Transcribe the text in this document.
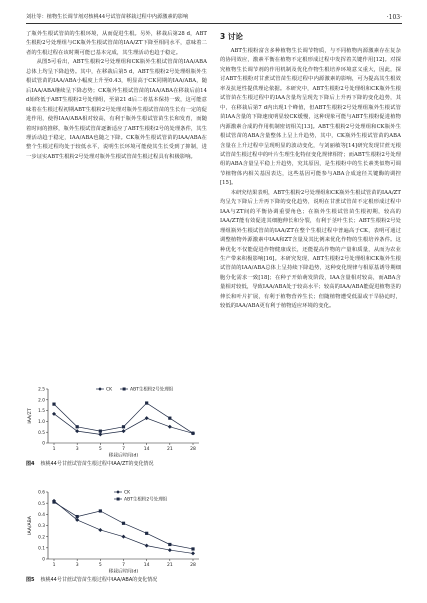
刘壮等：植物生长调节剂对核桃44号试管苗移栽过程中内源激素的影响	·103·

了瓶外生根试管苗的生根环境，从而促进生根。另外，移栽后第28 d，ABT生根粉2号处理组与CK瓶外生根试管苗的IAA/ZT下降至相同水平，意味着二者的生根过程在该时期可能已基本完成，其生理活动也趋于稳定。

从图5可看出，ABT生根粉2号处理组和CK瓶外生根试管苗的IAA/ABA总体上均呈下降趋势。其中，在移栽后第5 d，ABT生根粉2号处理组瓶外生根试管苗的IAA/ABA小幅度上升至0.43，明显高于CK同期的IAA/ABA，随后IAA/ABA继续呈下降态势；CK瓶外生根试管苗的IAA/ABA在移栽后前14 d始终低于ABT生根粉2号处理组，至第21 d后二者基本保持一致，这可能意味着在生根过程初期ABT生根粉2号处理对瓶外生根试管苗的生长有一定的促进作用，使得IAA/ABA相对较高，有利于瓶外生根试管苗生长和发育，而随着时间的推移，瓶外生根试管苗逐渐适应了ABT生根粉2号的处理条件，其生理活动趋于稳定，IAA/ABA也随之下降。CK瓶外生根试管苗的IAA/ABA在整个生根过程均处于较低水平，说明生长环境可能使其生长受到了抑制，进一步证实ABT生根粉2号处理对瓶外生根试管苗生根过程具有积极影响。

3 讨论

ABT生根粉富含多种植物生长调节物质，与不同植物内源激素存在复杂的协同效应，激素平衡在植物不定根形成过程中发挥着关键作用[12]。对探究植物生长调节剂的作用机制及优化作物生根培养环境意义重大，因此，探讨ABT生根粉对甘蔗试管苗生根过程中内源激素的影响，可为提高其生根效率及抗逆性提供理论依据。本研究中，ABT生根粉2号处理组和CK瓶外生根试管苗在生根过程中的IAA含量均呈现先下降后上升再下降的变化趋势，其中，在移栽后第7 d内出现1个峰值，但ABT生根粉2号处理组瓶外生根试管苗IAA含量的下降速度明显较CK缓慢，这种现象可能与ABT生根粉促进植物内源激素合成的作用机制密切相关[13]。ABT生根粉2号处理组和CK瓶外生根试管苗的ABA含量整体上呈上升趋势，其中，CK瓶外生根试管苗的ABA含量在上升过程中呈现明显的波动变化，与刘丽敏等[14]研究发现甘蔗无根试管苗生根过程中的叶片生理生化特征变化规律相符；而ABT生根粉2号处理组的ABA含量呈平稳上升趋势，究其原因，是生根粉中的生长素类似物可调节植物体内相关基因表达，这些基因可能参与ABA合成途径关键酶的调控[15]。

本研究结果表明，ABT生根粉2号处理组和CK瓶外生根试管苗的IAA/ZT均呈先下降后上升再下降的变化趋势，说明在甘蔗试管苗不定根形成过程中IAA与ZT间的平衡协调重要角色；在瓶外生根试管苗生根初期，较高的IAA/ZT能有效促进其细胞伸长和分裂，有利于茎叶生长；ABT生根粉2号处理组瓶外生根试管苗的IAA/ZT在整个生根过程中普遍高于CK，表明可通过调整植物外源激素中IAA和ZT含量及其比例来优化作物的生根培养条件。这种优化不仅能促进作物健康成长，还能提高作物的产量和质量，从而为农业生产带来积极影响[16]。本研究发现，ABT生根粉2号处理组和CK瓶外生根试管苗的IAA/ABA总体上呈持续下降趋势，这种变化规律与相原基诱导期细胞分化需求一致[18]；在种子开始萌发阶段，IAA含量相对较高，而ABA含量相对较低，导致IAA/ABA处于较高水平；较高的IAA/ABA能促进植物茎的伸长和叶片扩展，有利于植物营养生长；但随植物遭受低温或干旱胁迫时，较低的IAA/ABA更有利于植物适应环境的变化。

0
0.5
1.0
1.5
2.0
2.5
1	3	5	7	14	21	28
移栽后时间(d)
IAA/ZT
CK	ABT生根粉2号处理组
图4 核桃44号甘蔗试管苗生根过程中IAA/ZT的变化情况
0
0.1
0.2
0.3
0.4
0.5
0.6
1	3	5	7	14	21	28
移栽后时间(d)
IAA/ABA
CK
ABT生根粉2号处理组
图5 核桃44号甘蔗试管苗生根过程中IAA/ABA的变化情况
